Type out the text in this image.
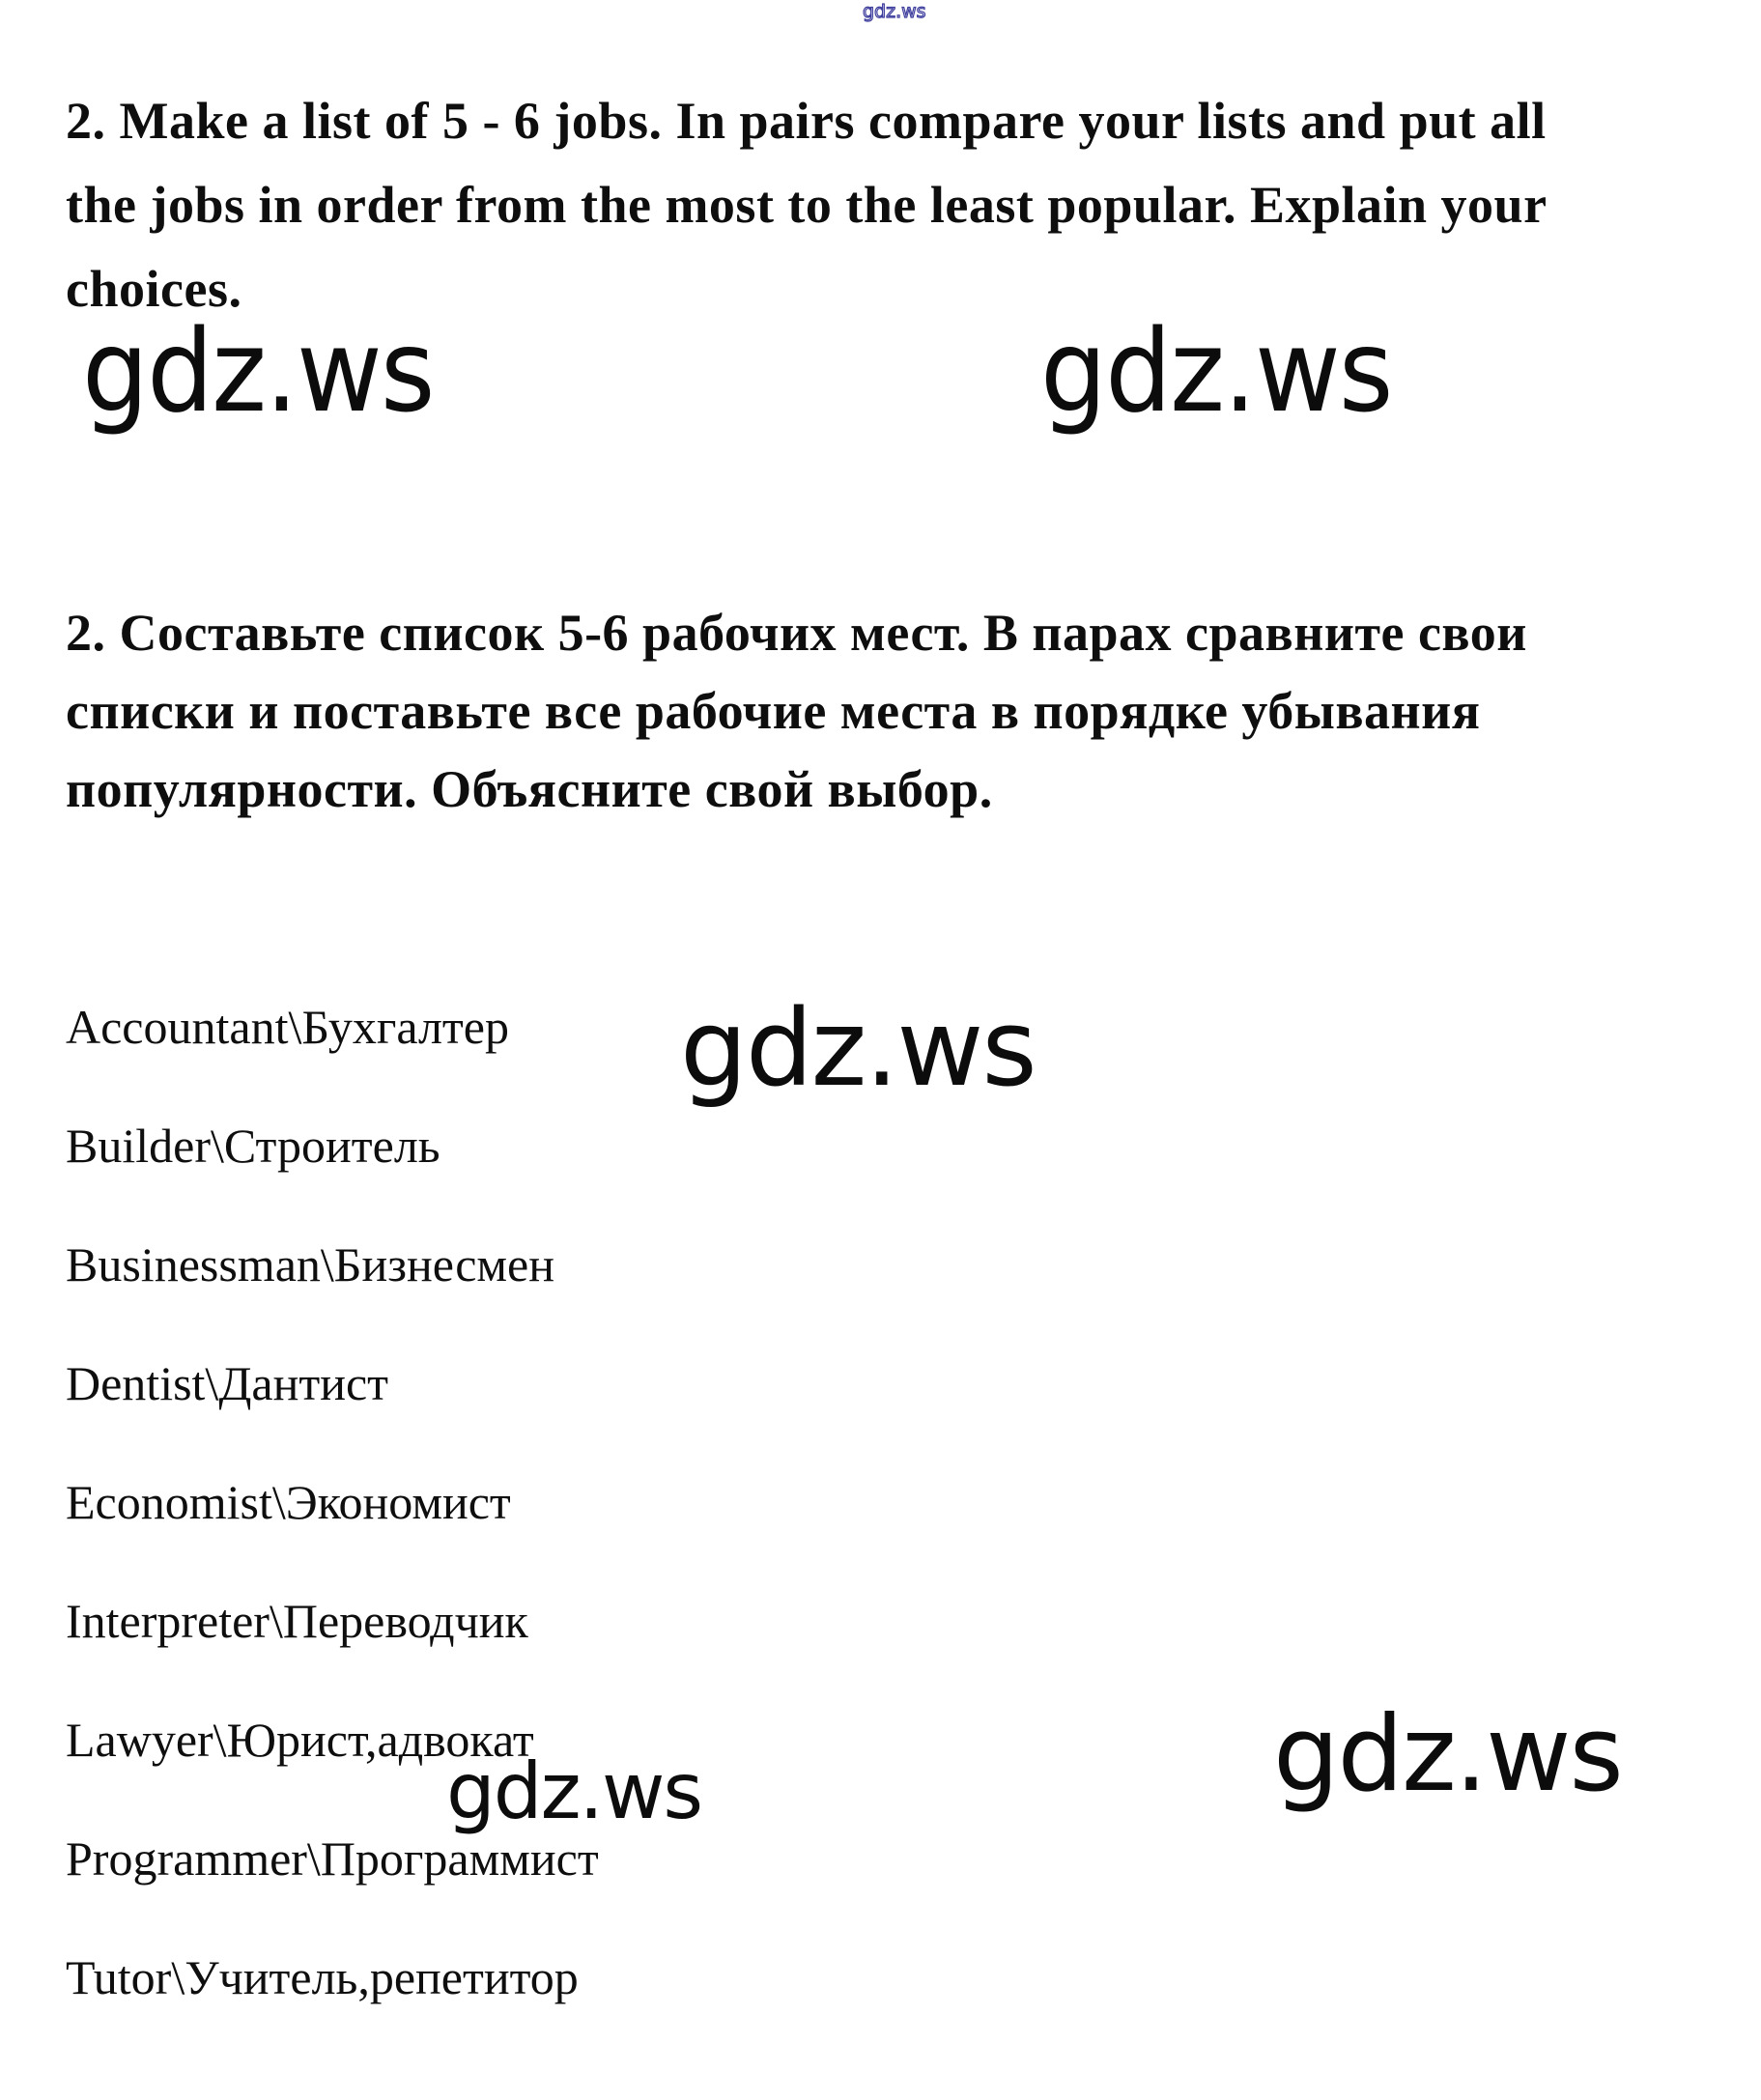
gdz.ws
2. Make a list of 5 - 6 jobs. In pairs compare your lists and put all
the jobs in order from the most to the least popular. Explain your
choices.
gdz.ws	gdz.ws
2. Составьте список 5-6 рабочих мест. В парах сравните свои
списки и поставьте все рабочие места в порядке убывания
популярности. Объясните свой выбор.
gdz.ws
Accountant\Бухгалтер
Builder\Строитель
Businessman\Бизнесмен
Dentist\Дантист
Economist\Экономист
Interpreter\Переводчик
Lawyer\Юрист,адвокат
Programmer\Программист
Tutor\Учитель,репетитор
gdz.ws	gdz.ws
